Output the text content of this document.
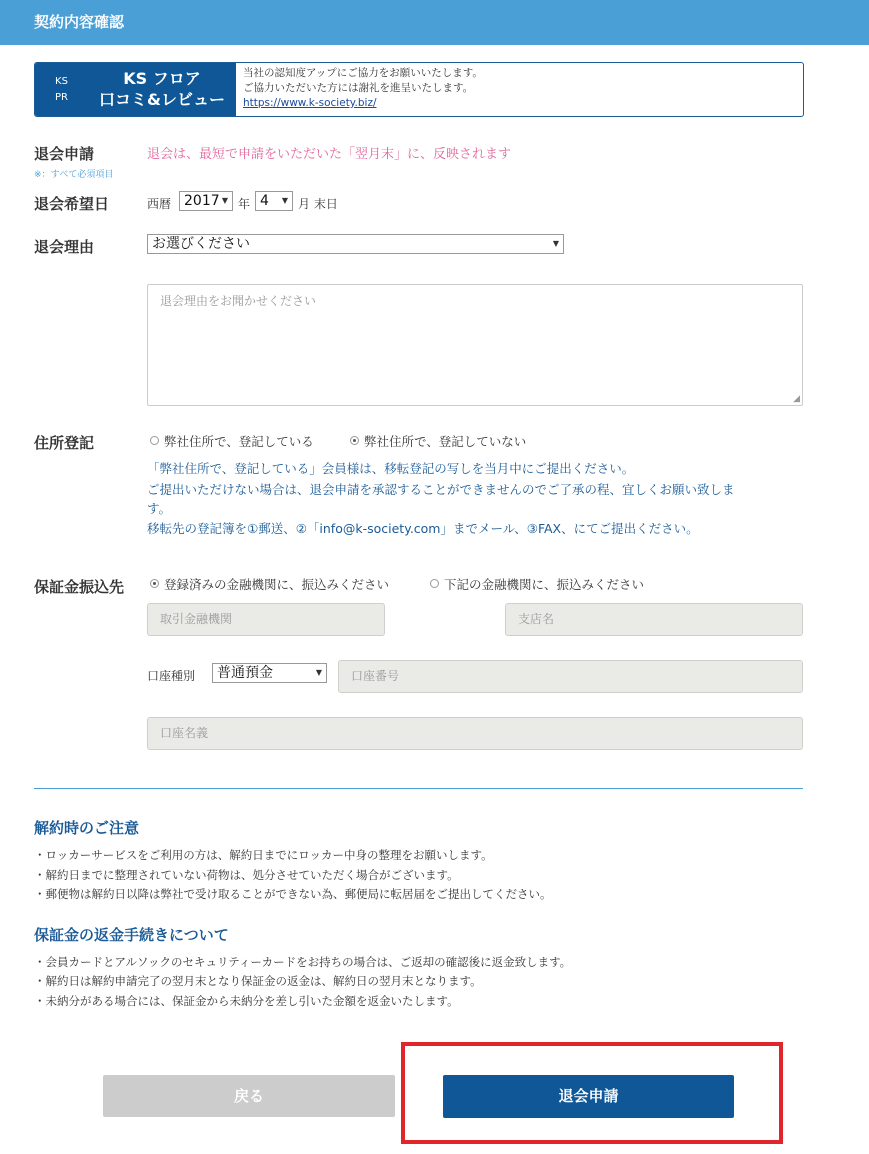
契約内容確認
KS
PR
KS フロア
口コミ&レビュー
当社の認知度アップにご協力をお願いいたします。
ご協力いただいた方には謝礼を進呈いたします。
https://www.k-society.biz/
退会申請
※：すべて必須項目
退会は、最短で申請をいただいた「翌月末」に、反映されます
退会希望日	西暦 2017 ▼ 年 4 ▼ 月 末日
退会理由	お選びください	▼
退会理由をお聞かせください
◢
住所登記	弊社住所で、登記している	弊社住所で、登記していない
「弊社住所で、登記している」会員様は、移転登記の写しを当月中にご提出ください。
ご提出いただけない場合は、退会申請を承認することができませんのでご了承の程、宜しくお願い致しま
す。
移転先の登記簿を①郵送、②「info@k-society.com」までメール、③FAX、にてご提出ください。
保証金振込先	登録済みの金融機関に、振込みください	下記の金融機関に、振込みください
取引金融機関	支店名
口座種別	普通預金	▼	口座番号
口座名義
解約時のご注意
・ロッカーサービスをご利用の方は、解約日までにロッカー中身の整理をお願いします。
・解約日までに整理されていない荷物は、処分させていただく場合がございます。
・郵便物は解約日以降は弊社で受け取ることができない為、郵便局に転居届をご提出してください。
保証金の返金手続きについて
・会員カードとアルソックのセキュリティーカードをお持ちの場合は、ご返却の確認後に返金致します。
・解約日は解約申請完了の翌月末となり保証金の返金は、解約日の翌月末となります。
・未納分がある場合には、保証金から未納分を差し引いた金額を返金いたします。
戻る	退会申請
